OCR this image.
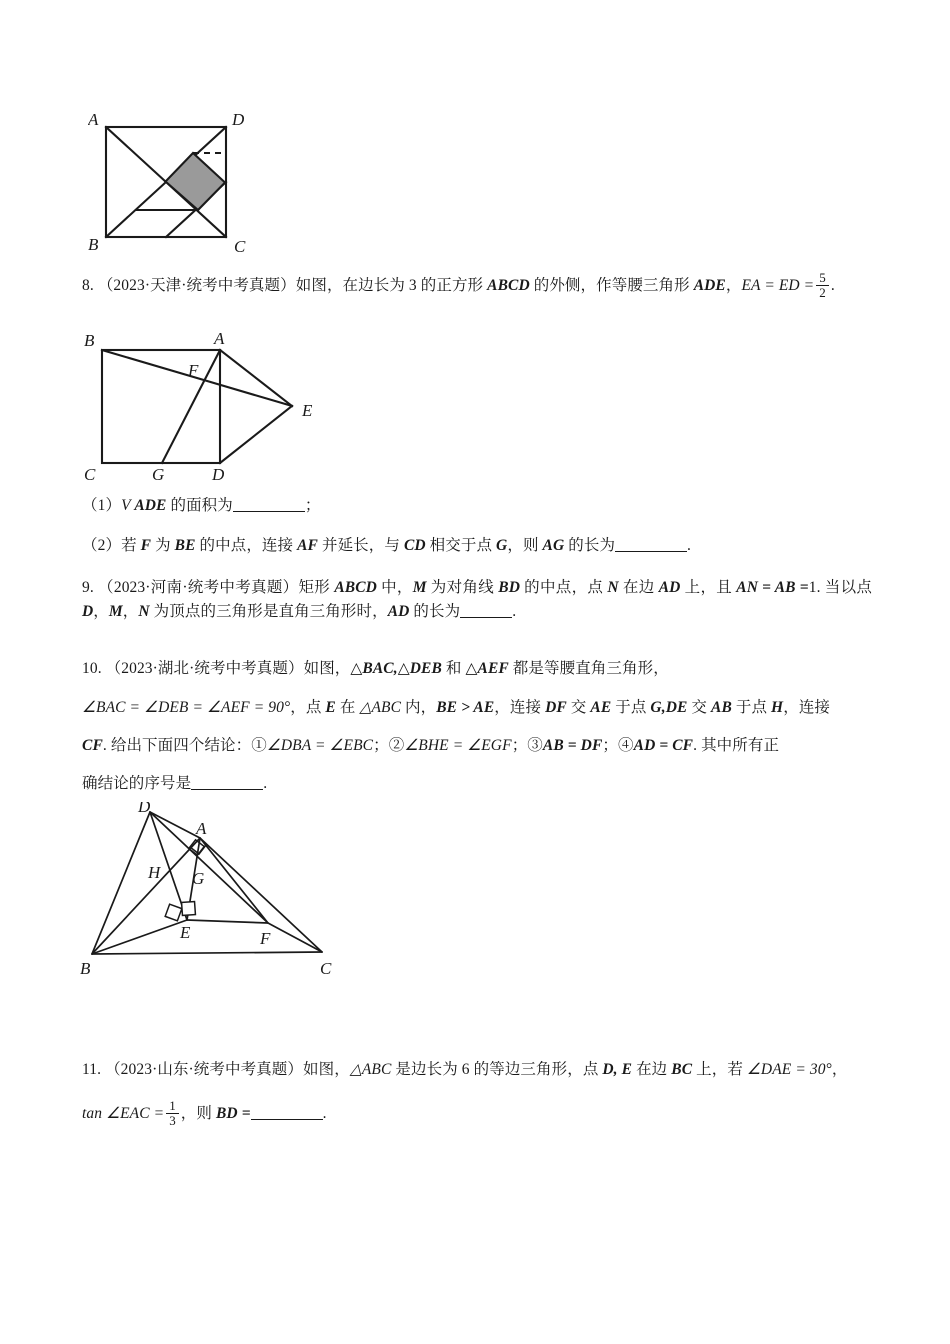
A
B	C
D
8. （2023·天津·统考中考真题）如图，在边长为 3 的正方形 ABCD 的外侧，作等腰三角形 ADE，EA = ED = $\frac{5}{2}$ .
B	A
E
C	G	D
F
（1）V ADE 的面积为	；
（2）若 F 为 BE 的中点，连接 AF 并延长，与 CD 相交于点 G，则 AG 的长为	.
9. （2023·河南·统考中考真题）矩形 ABCD 中，M 为对角线 BD 的中点，点 N 在边 AD 上，且 AN = AB =1. 当以点 D，M，N 为顶点的三角形是直角三角形时，AD 的长为	.
10. （2023·湖北·统考中考真题）如图，△BAC,△DEB 和 △AEF 都是等腰直角三角形，
∠BAC = ∠DEB = ∠AEF = 90°，点 E 在 △ABC 内，BE > AE，连接 DF 交 AE 于点 G,DE 交 AB 于点 H，连接
CF. 给出下面四个结论：①∠DBA = ∠EBC；②∠BHE = ∠EGF；③AB = DF；④AD = CF. 其中所有正
确结论的序号是	.
D
A
H G
E	F
B	C
11. （2023·山东·统考中考真题）如图，△ABC 是边长为 6 的等边三角形，点 D, E 在边 BC 上，若 ∠DAE = 30°，
tan ∠EAC = $\frac{1}{3}$ ，则 BD =	.
